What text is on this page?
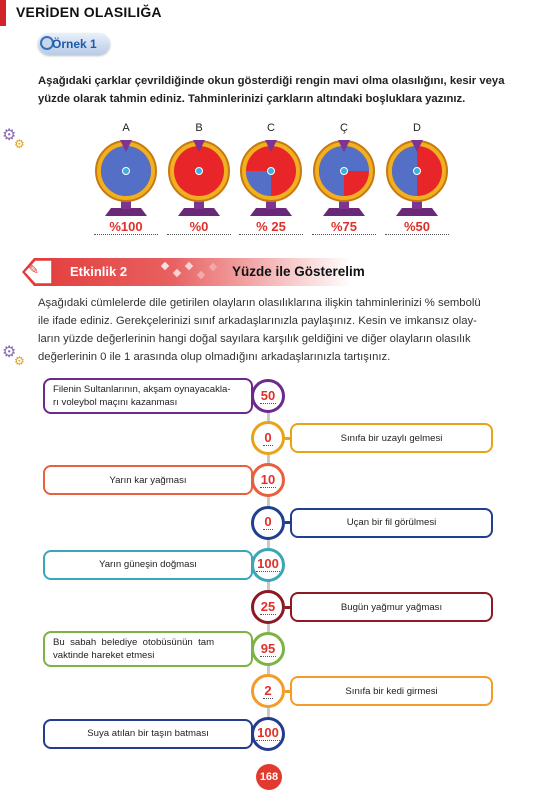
VERİDEN OLASILIĞA
Örnek 1
Aşağıdaki çarklar çevrildiğinde okun gösterdiği rengin mavi olma olasılığını, kesir veya
yüzde olarak tahmin ediniz. Tahminlerinizi çarkların altındaki boşluklara yazınız.
⚙
⚙
⚙
⚙
A
%100
B
%0
C
% 25
Ç
%75
D
%50
✎ Etkinlik 2	Yüzde ile Gösterelim
Aşağıdaki cümlelerde dile getirilen olayların olasılıklarına ilişkin tahminlerinizi % sembolü
ile ifade ediniz. Gerekçelerinizi sınıf arkadaşlarınızla paylaşınız. Kesin ve imkansız olay-
ların yüzde değerlerinin hangi doğal sayılara karşılık geldiğini ve diğer olayların olasılık
değerlerinin 0 ile 1 arasında olup olmadığını arkadaşlarınızla tartışınız.
Filenin Sultanlarının, akşam oynayacakla-
rı voleybol maçını kazanması	50
Sınıfa bir uzaylı gelmesi
0
Yarın kar yağması	10
Uçan bir fil görülmesi
0
Yarın güneşin doğması	100
Bugün yağmur yağması
25
Bu  sabah  belediye  otobüsünün  tam
vaktinde hareket etmesi	95
Sınıfa bir kedi girmesi
2
Suya atılan bir taşın batması	100
168
